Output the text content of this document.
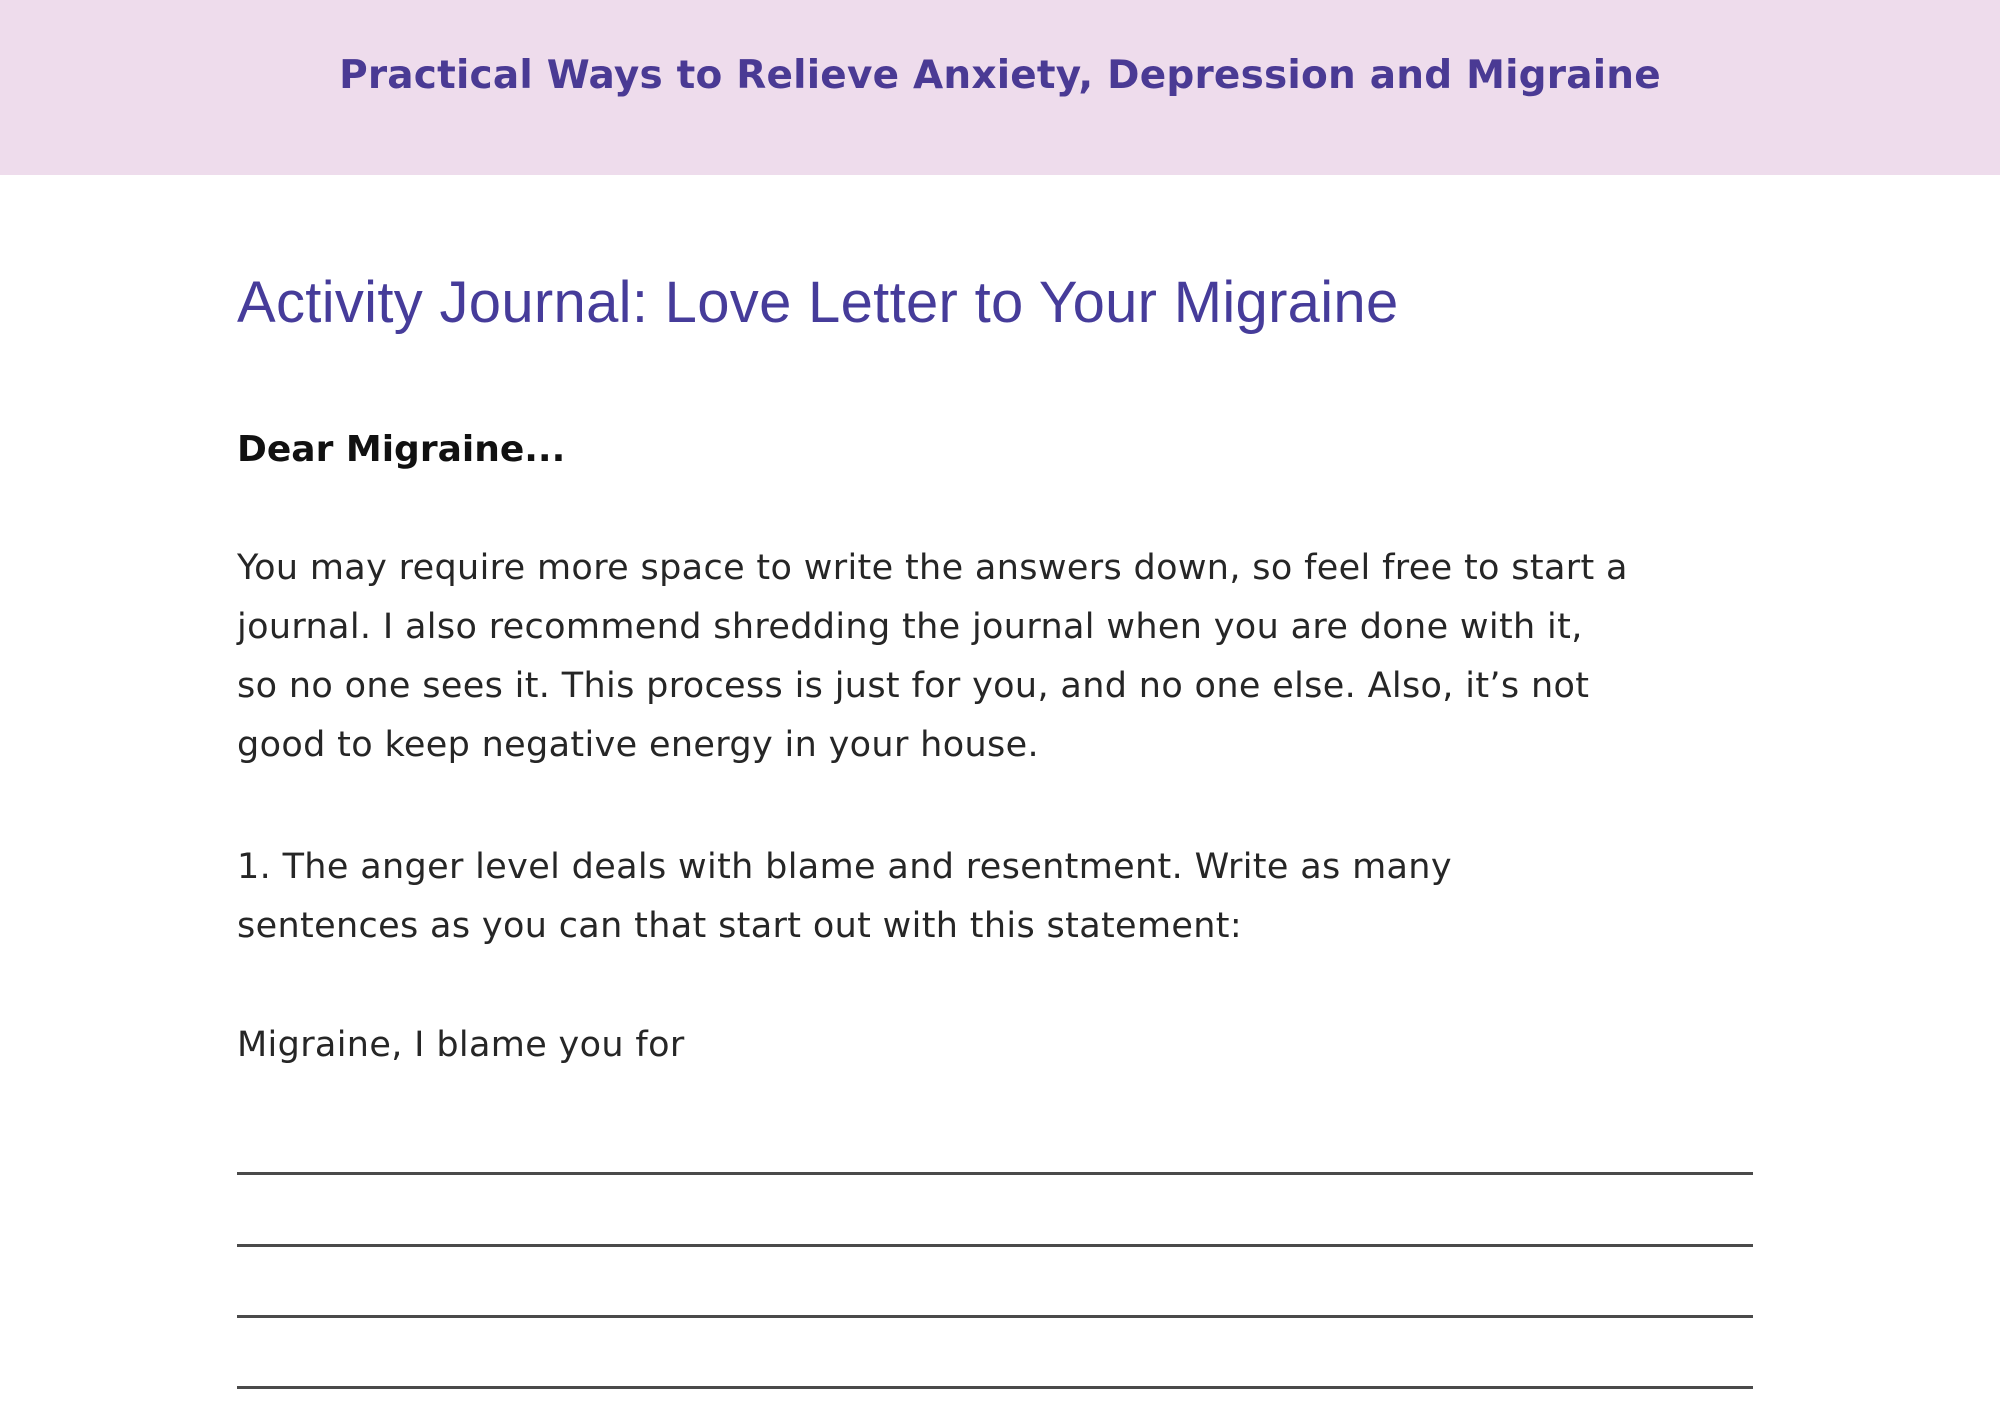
Practical Ways to Relieve Anxiety, Depression and Migraine
Activity Journal: Love Letter to Your Migraine
Dear Migraine...
You may require more space to write the answers down, so feel free to start a
journal. I also recommend shredding the journal when you are done with it,
so no one sees it. This process is just for you, and no one else. Also, it’s not
good to keep negative energy in your house.
1. The anger level deals with blame and resentment. Write as many
sentences as you can that start out with this statement:
Migraine, I blame you for
